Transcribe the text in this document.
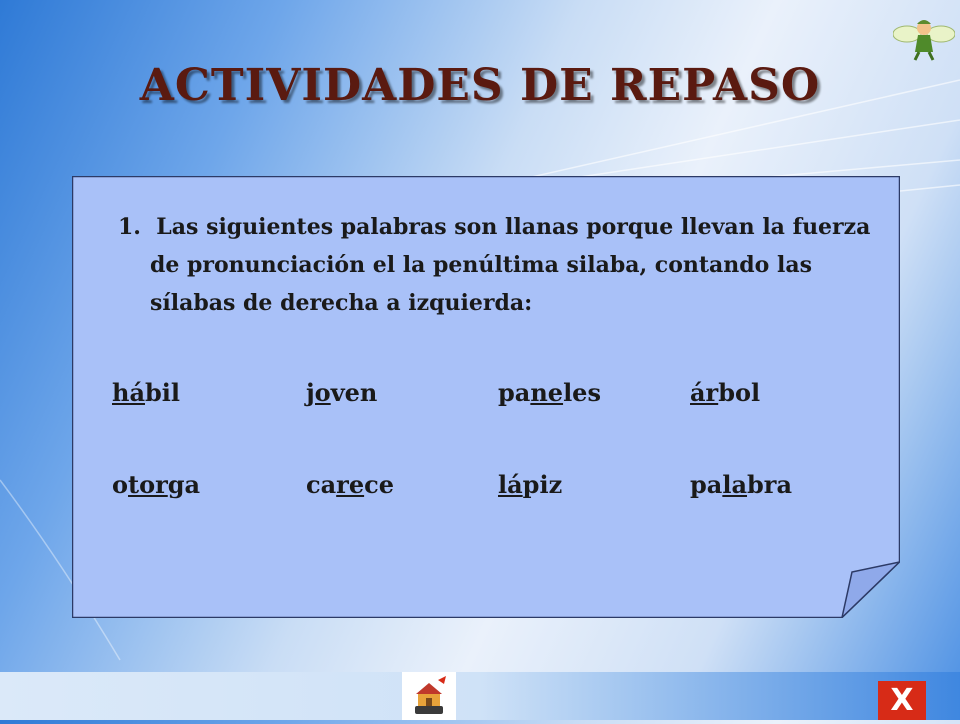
ACTIVIDADES DE REPASO
1. Las siguientes palabras son llanas porque llevan la fuerza de pronunciación el la penúltima silaba, contando las sílabas de derecha a izquierda:
hábil	joven	paneles	árbol
otorga	carece	lápiz	palabra
X
